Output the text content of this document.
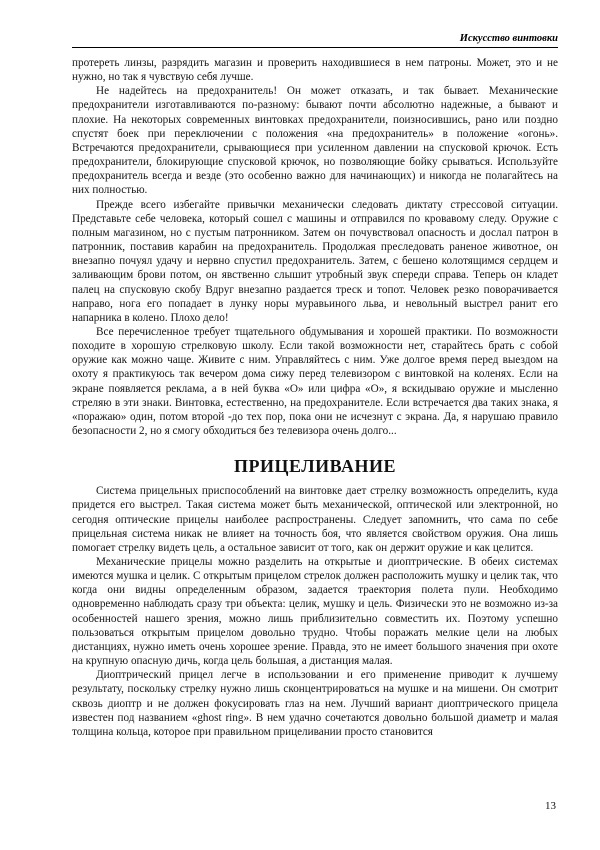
Искусство винтовки

протереть линзы, разрядить магазин и проверить находившиеся в нем патроны. Может, это и не нужно, но так я чувствую себя лучше.

Не надейтесь на предохранитель! Он может отказать, и так бывает. Механические предохранители изготавливаются по-разному: бывают почти абсолютно надежные, а бывают и плохие. На некоторых современных винтовках предохранители, поизносившись, рано или поздно спустят боек при переключении с положения «на предохранитель» в положение «огонь». Встречаются предохранители, срывающиеся при усиленном давлении на спусковой крючок. Есть предохранители, блокирующие спусковой крючок, но позволяющие бойку срываться. Используйте предохранитель всегда и везде (это особенно важно для начинающих) и никогда не полагайтесь на них полностью.

Прежде всего избегайте привычки механически следовать диктату стрессовой ситуации. Представьте себе человека, который сошел с машины и отправился по кровавому следу. Оружие с полным магазином, но с пустым патронником. Затем он почувствовал опасность и дослал патрон в патронник, поставив карабин на предохранитель. Продолжая преследовать раненое животное, он внезапно почуял удачу и нервно спустил предохранитель. Затем, с бешено колотящимся сердцем и заливающим брови потом, он явственно слышит утробный звук спереди справа. Теперь он кладет палец на спусковую скобу Вдруг внезапно раздается треск и топот. Человек резко поворачивается направо, нога его попадает в лунку норы муравьиного льва, и невольный выстрел ранит его напарника в колено. Плохо дело!

Все перечисленное требует тщательного обдумывания и хорошей практики. По возможности походите в хорошую стрелковую школу. Если такой возможности нет, старайтесь брать с собой оружие как можно чаще. Живите с ним. Управляйтесь с ним. Уже долгое время перед выездом на охоту я практикуюсь так вечером дома сижу перед телевизором с винтовкой на коленях. Если на экране появляется реклама, а в ней буква «О» или цифра «О», я вскидываю оружие и мысленно стреляю в эти знаки. Винтовка, естественно, на предохранителе. Если встречается два таких знака, я «поражаю» один, потом второй -до тех пор, пока они не исчезнут с экрана. Да, я нарушаю правило безопасности 2, но я смогу обходиться без телевизора очень долго...

ПРИЦЕЛИВАНИЕ

Система прицельных приспособлений на винтовке дает стрелку возможность определить, куда придется его выстрел. Такая система может быть механической, оптической или электронной, но сегодня оптические прицелы наиболее распространены. Следует запомнить, что сама по себе прицельная система никак не влияет на точность боя, что является свойством оружия. Она лишь помогает стрелку видеть цель, а остальное зависит от того, как он держит оружие и как целится.

Механические прицелы можно разделить на открытые и диоптрические. В обеих системах имеются мушка и целик. С открытым прицелом стрелок должен расположить мушку и целик так, что когда они видны определенным образом, задается траектория полета пули. Необходимо одновременно наблюдать сразу три объекта: целик, мушку и цель. Физически это не возможно из-за особенностей нашего зрения, можно лишь приблизительно совместить их. Поэтому успешно пользоваться открытым прицелом довольно трудно. Чтобы поражать мелкие цели на любых дистанциях, нужно иметь очень хорошее зрение. Правда, это не имеет большого значения при охоте на крупную опасную дичь, когда цель большая, а дистанция малая.

Диоптрический прицел легче в использовании и его применение приводит к лучшему результату, поскольку стрелку нужно лишь сконцентрироваться на мушке и на мишени. Он смотрит сквозь диоптр и не должен фокусировать глаз на нем. Лучший вариант диоптрического прицела известен под названием «ghost ring». В нем удачно сочетаются довольно большой диаметр и малая толщина кольца, которое при правильном прицеливании просто становится

13
